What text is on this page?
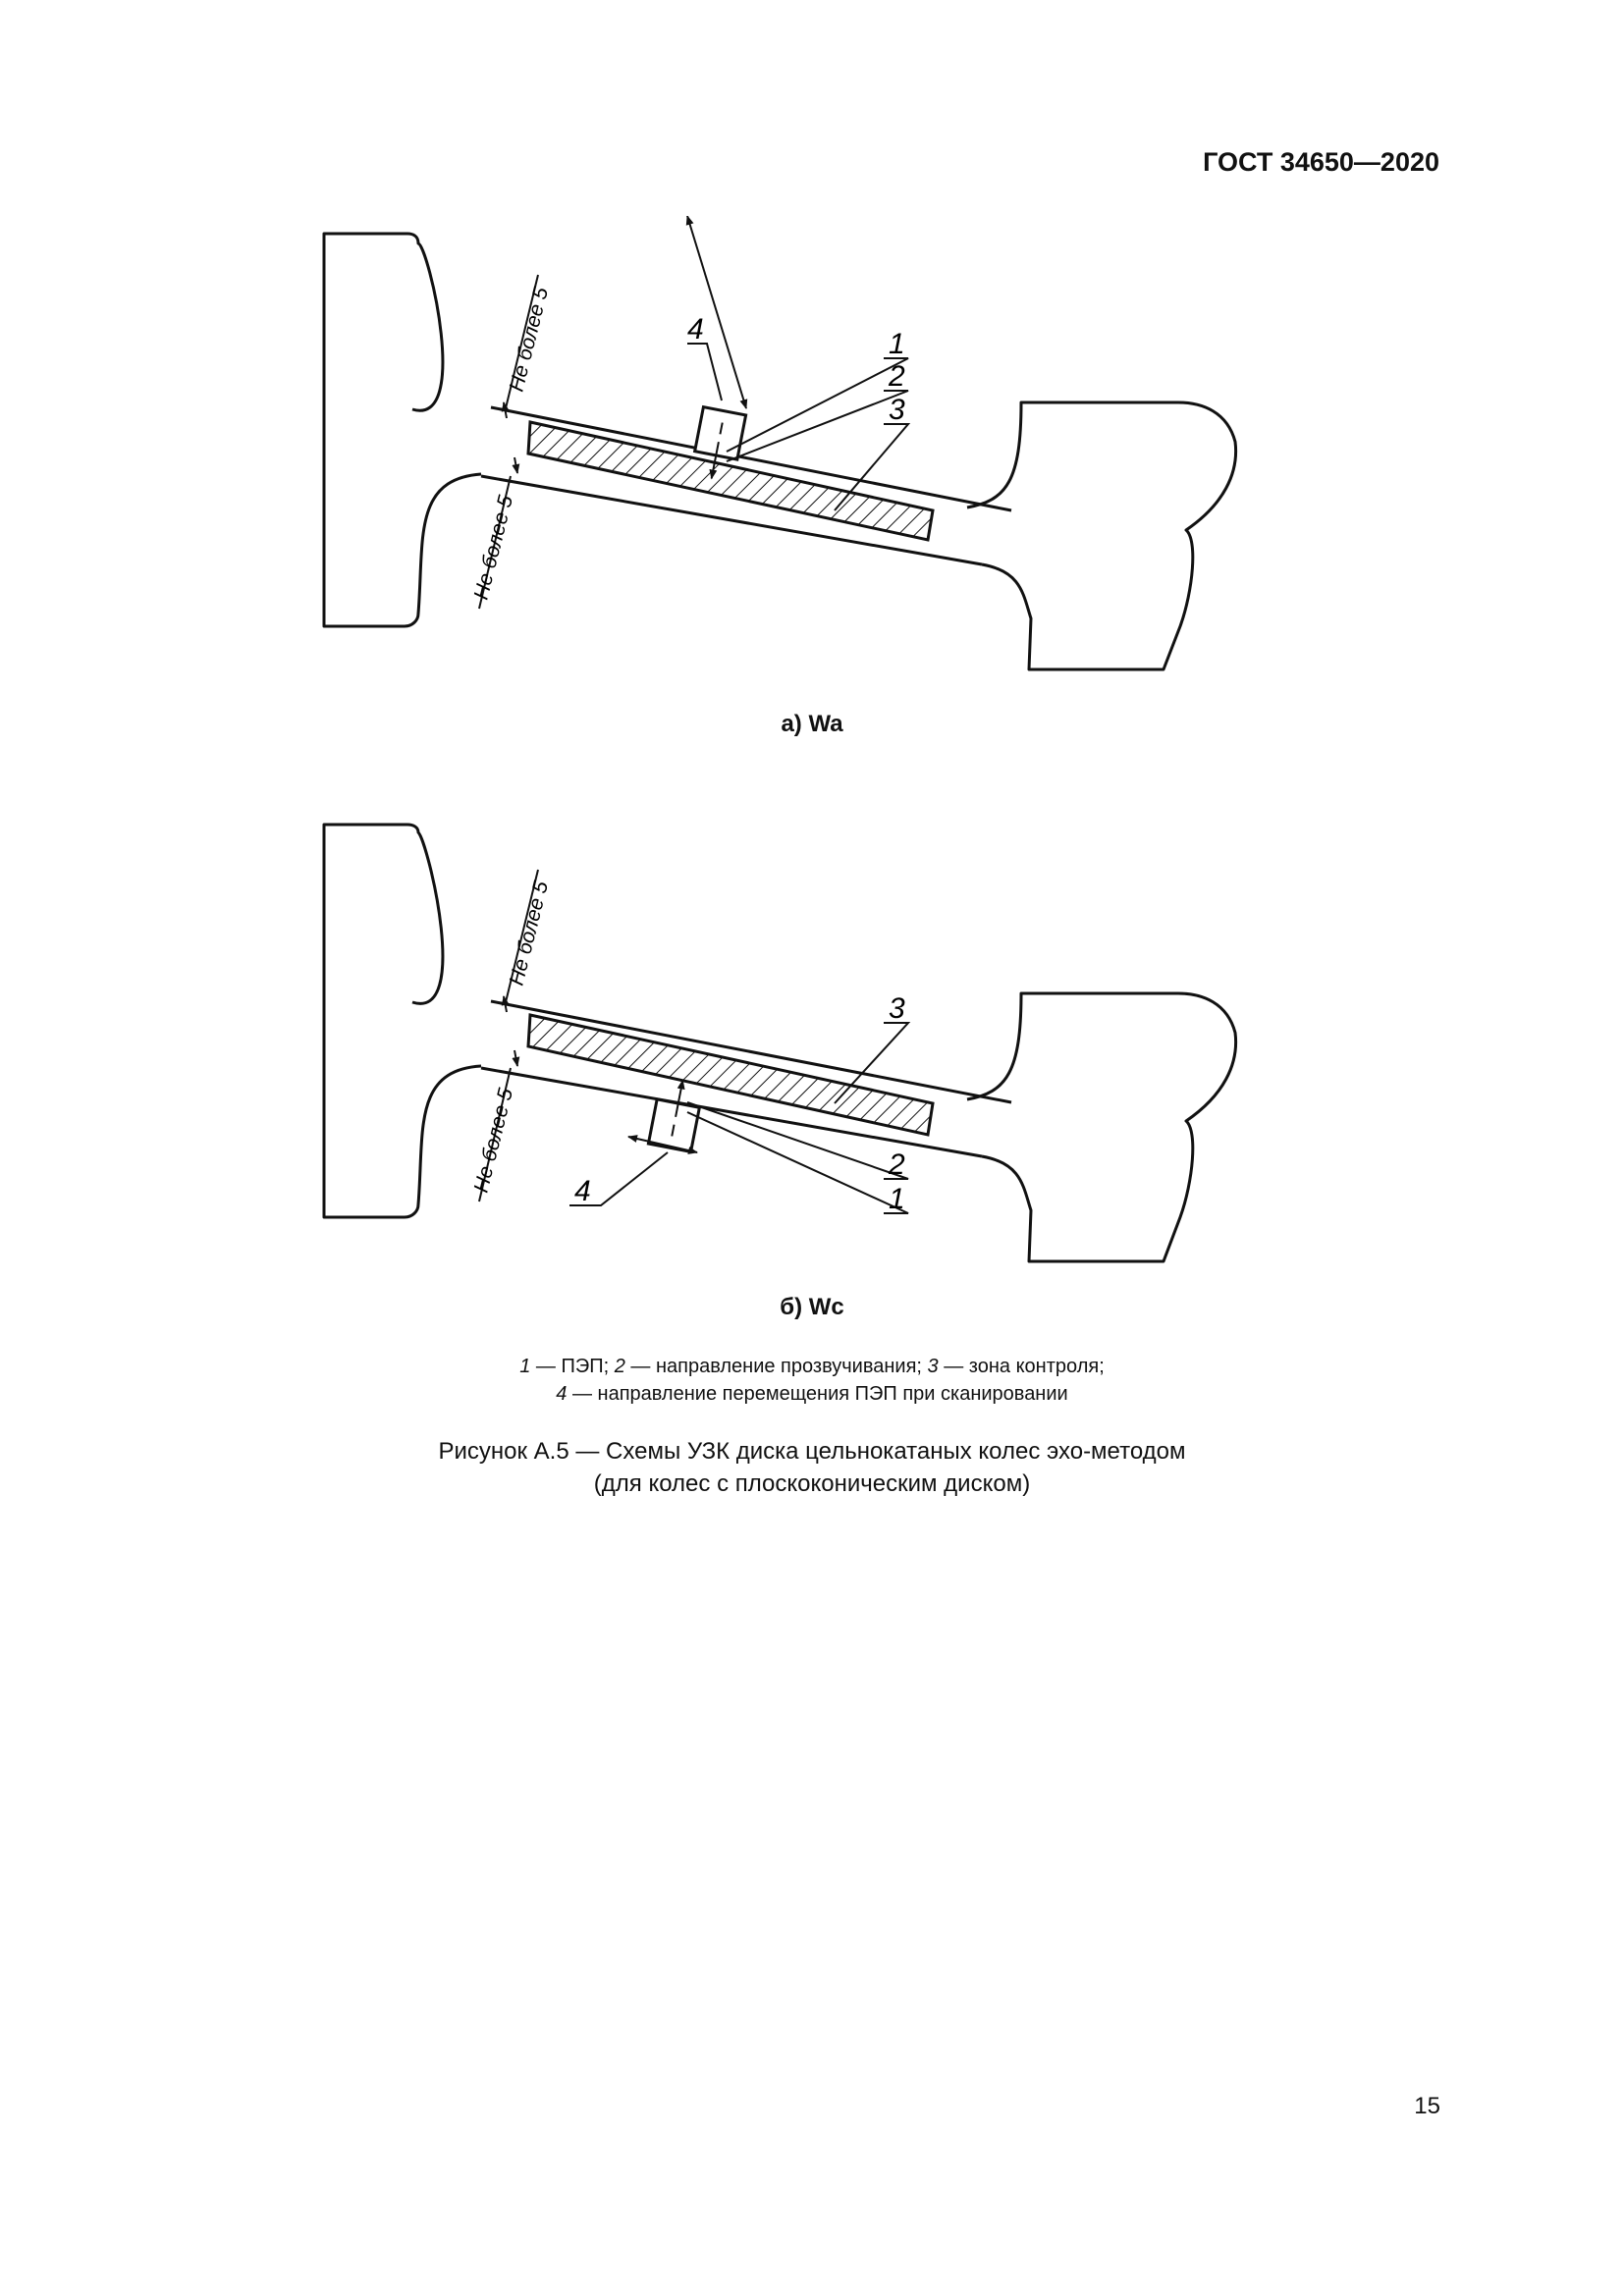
ГОСТ 34650—2020
4	1
2
3
Не более 5
Не более 5
а) Wa
3
2
1
4
Не более 5
Не более 5
б) Wc
1 — ПЭП; 2 — направление прозвучивания; 3 — зона контроля;
4 — направление перемещения ПЭП при сканировании
Рисунок А.5 — Схемы УЗК диска цельнокатаных колес эхо-методом
(для колес с плоскоконическим диском)
15
